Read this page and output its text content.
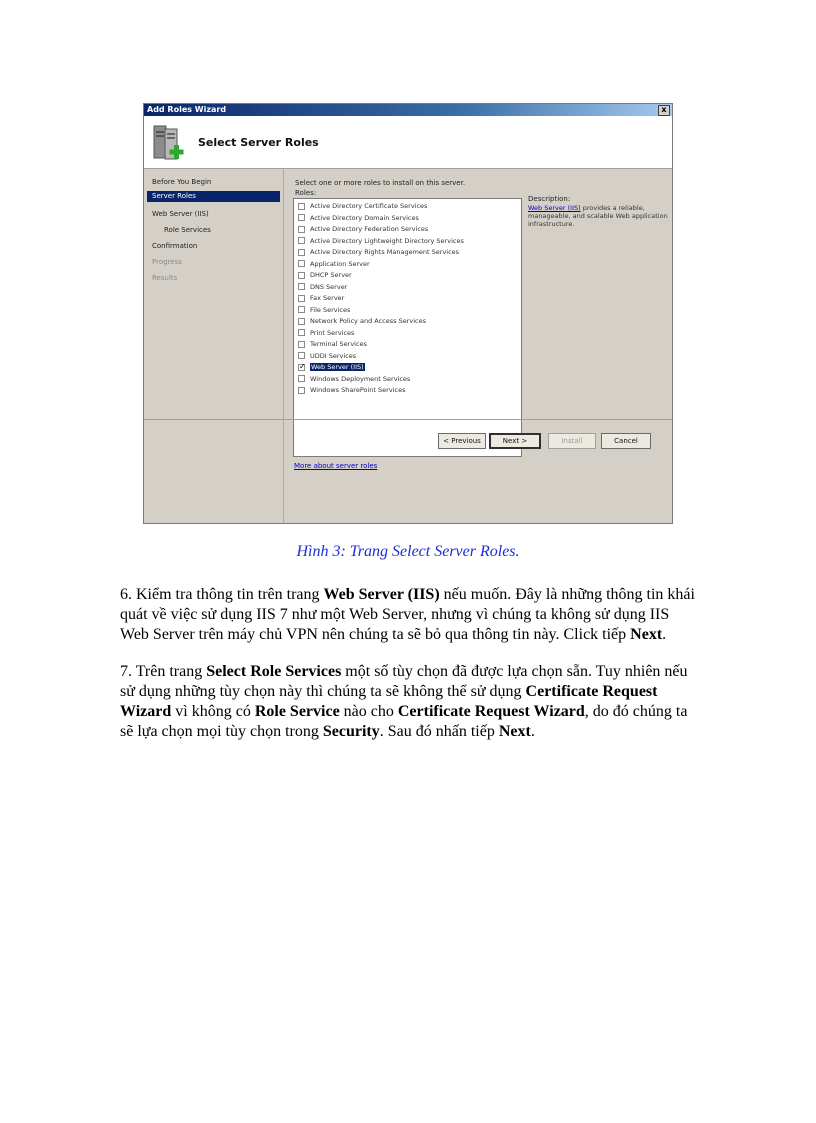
Add Roles Wizard	x
Select Server Roles
Before You Begin
Server Roles
Web Server (IIS)
Role Services
Confirmation
Progress
Results
Select one or more roles to install on this server.
Roles:
Active Directory Certificate Services
Active Directory Domain Services
Active Directory Federation Services
Active Directory Lightweight Directory Services
Active Directory Rights Management Services
Application Server
DHCP Server
DNS Server
Fax Server
File Services
Network Policy and Access Services
Print Services
Terminal Services
UDDI Services
✓
Web Server (IIS)
Windows Deployment Services
Windows SharePoint Services
Description:
Web Server (IIS) provides a reliable, manageable, and scalable Web application infrastructure.
More about server roles
< Previous	Next >	Install	Cancel
Hình 3: Trang Select Server Roles.
6. Kiểm tra thông tin trên trang Web Server (IIS) nếu muốn. Đây là những thông tin khái quát về việc sử dụng IIS 7 như một Web Server, nhưng vì chúng ta không sử dụng IIS Web Server trên máy chủ VPN nên chúng ta sẽ bỏ qua thông tin này. Click tiếp Next.
7. Trên trang Select Role Services một số tùy chọn đã được lựa chọn sẵn. Tuy nhiên nếu sử dụng những tùy chọn này thì chúng ta sẽ không thể sử dụng Certificate Request Wizard vì không có Role Service nào cho Certificate Request Wizard, do đó chúng ta sẽ lựa chọn mọi tùy chọn trong Security. Sau đó nhấn tiếp Next.
